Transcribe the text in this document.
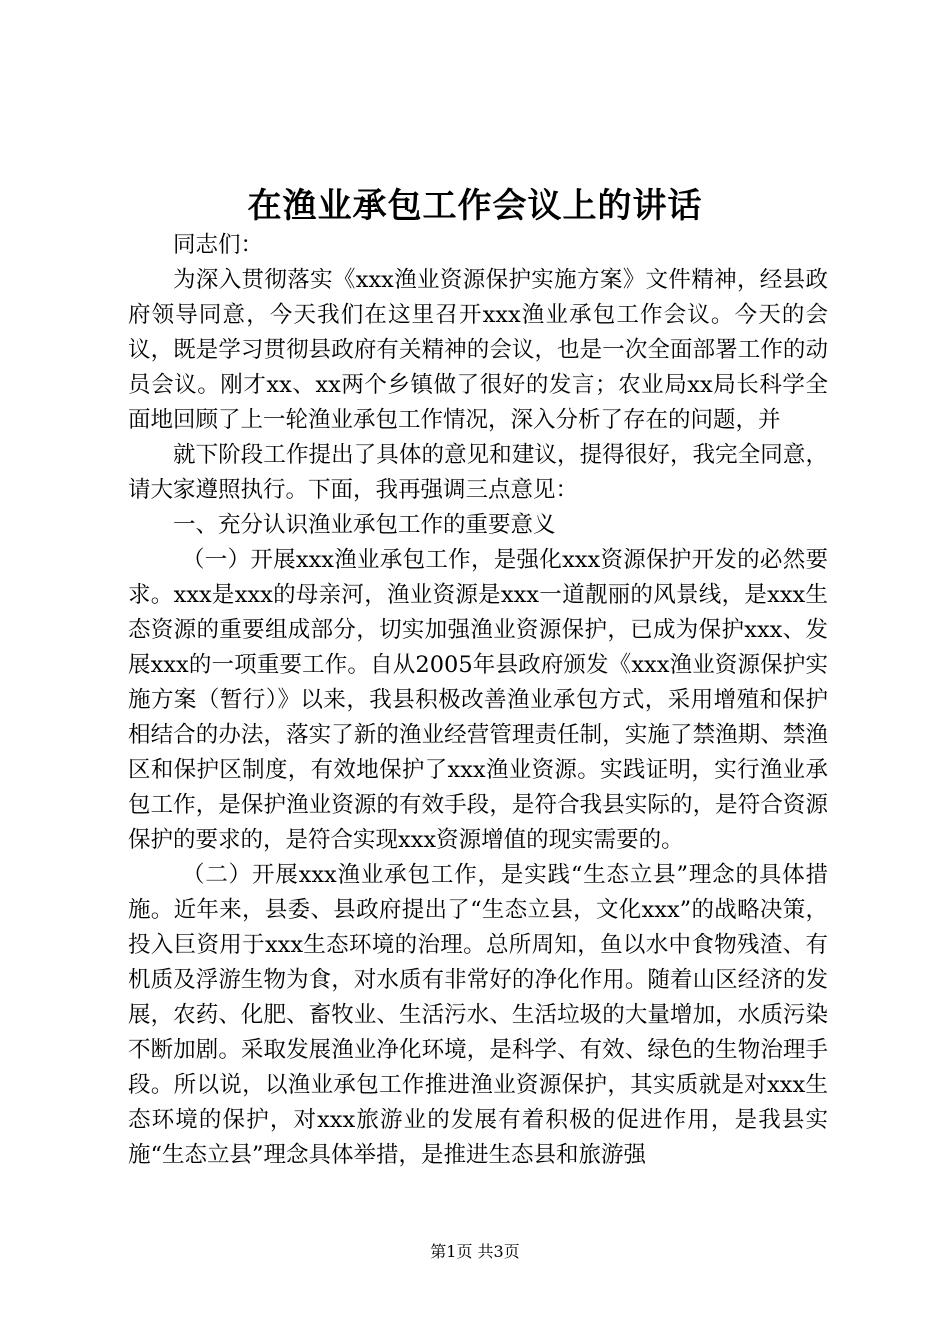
在渔业承包工作会议上的讲话

同志们：

为深入贯彻落实《xxx渔业资源保护实施方案》文件精神，经县政府领导同意，今天我们在这里召开xxx渔业承包工作会议。今天的会议，既是学习贯彻县政府有关精神的会议，也是一次全面部署工作的动员会议。刚才xx、xx两个乡镇做了很好的发言；农业局xx局长科学全面地回顾了上一轮渔业承包工作情况，深入分析了存在的问题，并

就下阶段工作提出了具体的意见和建议，提得很好，我完全同意，请大家遵照执行。下面，我再强调三点意见：

一、充分认识渔业承包工作的重要意义

（一）开展xxx渔业承包工作，是强化xxx资源保护开发的必然要求。xxx是xxx的母亲河，渔业资源是xxx一道靓丽的风景线，是xxx生态资源的重要组成部分，切实加强渔业资源保护，已成为保护xxx、发展xxx的一项重要工作。自从2005年县政府颁发《xxx渔业资源保护实施方案（暂行）》以来，我县积极改善渔业承包方式，采用增殖和保护相结合的办法，落实了新的渔业经营管理责任制，实施了禁渔期、禁渔区和保护区制度，有效地保护了xxx渔业资源。实践证明，实行渔业承包工作，是保护渔业资源的有效手段，是符合我县实际的，是符合资源保护的要求的，是符合实现xxx资源增值的现实需要的。

（二）开展xxx渔业承包工作，是实践“生态立县”理念的具体措施。近年来，县委、县政府提出了“生态立县，文化xxx”的战略决策，投入巨资用于xxx生态环境的治理。总所周知，鱼以水中食物残渣、有机质及浮游生物为食，对水质有非常好的净化作用。随着山区经济的发展，农药、化肥、畜牧业、生活污水、生活垃圾的大量增加，水质污染不断加剧。采取发展渔业净化环境，是科学、有效、绿色的生物治理手段。所以说，以渔业承包工作推进渔业资源保护，其实质就是对xxx生态环境的保护，对xxx旅游业的发展有着积极的促进作用，是我县实施“生态立县”理念具体举措，是推进生态县和旅游强

第1页 共3页
